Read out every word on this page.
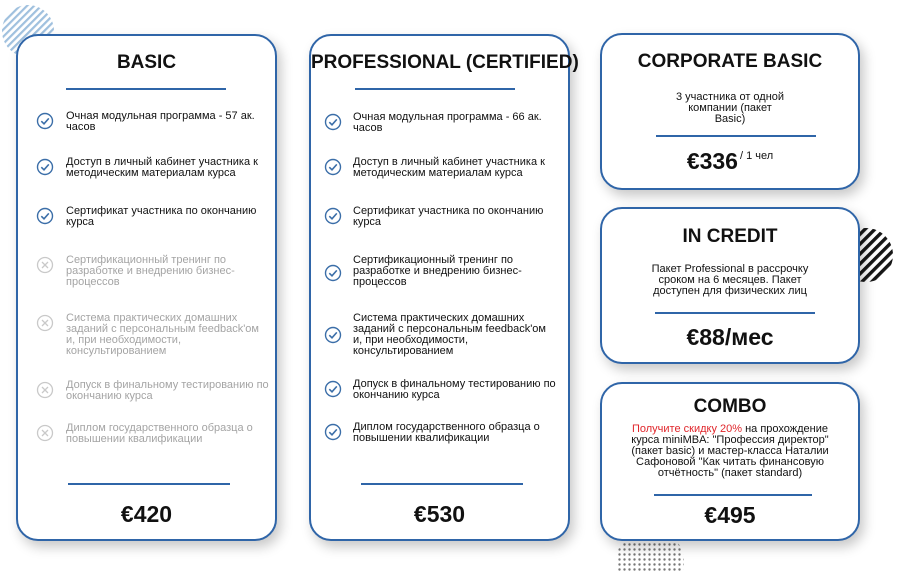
BASIC
Очная модульная программа - 57 ак. часов
Доступ в личный кабинет участника к методическим материалам курса
Сертификат участника по окончанию курса
Сертификационный тренинг по разработке и внедрению бизнес-процессов
Система практических домашних заданий с персональным feedback'ом и, при необходимости, консультированием
Допуск в финальному тестированию по окончанию курса
Диплом государственного образца о повышении квалификации
€420
PROFESSIONAL (CERTIFIED)
Очная модульная программа - 66 ак. часов
Доступ в личный кабинет участника к методическим материалам курса
Сертификат участника по окончанию курса
Сертификационный тренинг по разработке и внедрению бизнес-процессов
Система практических домашних заданий с персональным feedback'ом и, при необходимости, консультированием
Допуск в финальному тестированию по окончанию курса
Диплом государственного образца о повышении квалификации
€530
CORPORATE BASIC
3 участника от одной компании (пакет Basic)
€336 $^{/ 1 чел}$
IN CREDIT
Пакет Professional в рассрочку сроком на 6 месяцев. Пакет доступен для физических лиц
€88/мес
COMBO
Получите скидку 20% на прохождение курса miniMBA: "Профессия директор" (пакет basic) и мастер-класса Наталии Сафоновой "Как читать финансовую отчётность" (пакет standard)
€495
